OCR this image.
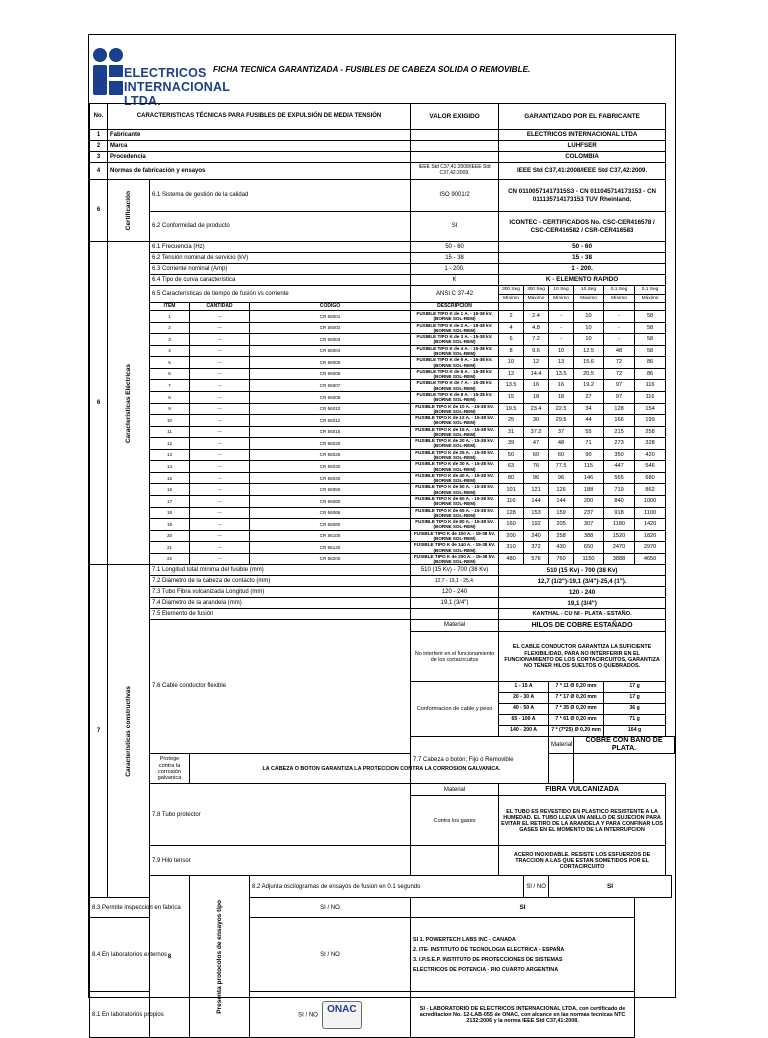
ELECTRICOS
INTERNACIONAL LTDA.
FICHA TECNICA GARANTIZADA - FUSIBLES DE CABEZA SOLIDA O REMOVIBLE.
No.	CARACTERISTICAS TÉCNICAS PARA FUSIBLES DE EXPULSIÓN DE MEDIA TENSIÓN				VALOR EXIGIDO	GARANTIZADO POR EL FABRICANTE					
1	Fabricante					ELECTRICOS INTERNACIONAL LTDA					
2	Marca					LUHFSER					
3	Procedencia					COLOMBIA					
4	Normas de fabricación y ensayos				IEEE Std C37,41:2008/IEEE Std C37,42:2009.	IEEE Std C37,41:2008/IEEE Std C37,42:2009.					
6	Certificación	6.1 Sistema de gestión de la calidad			ISO 9001/2	CN 01100571417315S3 - CN 011045714173153 - CN 011135714173153 TUV Rheinland.					
		6.2 Conformidad de producto			SI	ICONTEC - CERTIFICADOS No. CSC-CER416578 / CSC-CER416582 / CSR-CER416583					
6	Características Eléctricas	6.1 Frecuencia (Hz)			50 - 60	50 - 60					
		6.2 Tensión nominal de servicio (kV)			15 - 38	15 - 38					
		6.3 Corriente nominal (Amp)			1 - 200.	1 - 200.					
		6.4 Tipo de curva característica			K	K - ELEMENTO RAPIDO					
		6.5 Características de tiempo de fusión vs corriente			ANSI C 37-42	300 Seg	300 Seg	10 Seg	10 Seg	0,1 Seg	0,1 Seg
						Mínimo	Máximo	Mínimo	Máximo	Mínimo	Máximo
		ITEM	CANTIDAD	CODIGO	DESCRIPCION						
		1	---	CR 56001	FUSIBLE TIPO K de 1 A. - 15-38 kV. (BORNE SOL-REM)	2	2.4	-	10	-	58
		2	---	CR 56002	FUSIBLE TIPO K de 2 A. - 15-38 kV. (BORNE SOL-REM)	4	4.8	-	10	-	58
		3	---	CR 56003	FUSIBLE TIPO K de 3 A. - 15-38 kV. (BORNE SOL-REM)	6	7.2	-	10	-	58
		4	---	CR 56004	FUSIBLE TIPO K de 4 A. - 15-38 kV. (BORNE SOL-REM)	8	9.6	10	12.5	48	58
		5	---	CR 56005	FUSIBLE TIPO K de 5 A. - 15-38 kV. (BORNE SOL-REM)	10	12	13	15.6	72	86
		6	---	CR 56006	FUSIBLE TIPO K de 6 A. - 15-38 kV. (BORNE SOL-REM)	12	14.4	13.5	20.5	72	86
		7	---	CR 56007	FUSIBLE TIPO K de 7 A. - 15-38 kV. (BORNE SOL-REM)	13.5	16	16	19.2	97	116
		8	---	CR 56008	FUSIBLE TIPO K de 8 A. - 15-38 kV. (BORNE SOL-REM)	15	18	18	27	97	116
		9	---	CR 56010	FUSIBLE TIPO K de 10 A. - 15-38 kV. (BORNE SOL-REM)	19.5	23.4	22.5	34	128	154
		10	---	CR 56012	FUSIBLE TIPO K de 12 A. - 15-38 kV. (BORNE SOL-REM)	25	30	29.5	44	166	199
		11	---	CR 56015	FUSIBLE TIPO K de 15 A. - 15-38 kV. (BORNE SOL-REM)	31	37.2	37	55	215	258
		12	---	CR 56020	FUSIBLE TIPO K de 20 A. - 15-38 kV. (BORNE SOL-REM)	39	47	48	71	273	328
		13	---	CR 56025	FUSIBLE TIPO K de 25 A. - 15-38 kV. (BORNE SOL-REM)	50	60	60	90	350	420
		14	---	CR 56030	FUSIBLE TIPO K de 30 A. - 15-38 kV. (BORNE SOL-REM)	63	76	77.5	115	447	546
		15	---	CR 56040	FUSIBLE TIPO K de 40 A. - 15-38 kV. (BORNE SOL-REM)	80	96	96	146	565	680
		16	---	CR 56050	FUSIBLE TIPO K de 50 A. - 15-38 kV. (BORNE SOL-REM)	101	121	126	188	719	862
		17	---	CR 56060	FUSIBLE TIPO K de 60 A. - 15-38 kV. (BORNE SOL-REM)	116	144	144	200	840	1000
		18	---	CR 56065	FUSIBLE TIPO K de 65 A. - 15-38 kV. (BORNE SOL-REM)	128	153	159	237	918	1100
		19	---	CR 56080	FUSIBLE TIPO K de 80 A. - 15-38 kV. (BORNE SOL-REM)	160	192	205	307	1180	1420
		20	---	CR 56100	FUSIBLE TIPO K de 100 A. - 15-38 kV. (BORNE SOL-REM)	200	240	258	388	1520	1820
		21	---	CR 56140	FUSIBLE TIPO K de 140 A. - 15-38 kV. (BORNE SOL-REM)	310	372	430	650	2470	2970
		22	---	CR 56200	FUSIBLE TIPO K de 200 A. - 15-38 kV. (BORNE SOL-REM)	480	576	760	1150	3888	4650
7	Características constructivas	7.1 Longitud total mínima del fusible (mm)			510 (15 Kv) - 700 (38 Kv)	510 (15 Kv) - 700 (38 Kv)					
		7.2 Diámetro de la cabeza de contacto (mm)			12,7 - 19,1 - 25,4.	12,7 (1/2")-19,1 (3/4")-25,4 (1").					
		7.3 Tubo Fibra vulcanizada Longitud (mm)			120 - 240	120 - 240					
		7.4 Diámetro de la arandela (mm)			19,1 (3/4")	19,1 (3/4")					
		7.5 Elemento de fusión				KANTHAL - CU NI - PLATA - ESTAÑO.					
		7.6 Cable conductor flexible			Material	HILOS DE COBRE ESTAÑADO					
					No interferir en el funcionamiento de los cortacircuitos	EL CABLE CONDUCTOR GARANTIZA LA SUFICIENTE FLEXIBILIDAD, PARA NO INTERFERIR EN EL FUNCIONAMIENTO DE LOS CORTACIRCUITOS, GARANTIZA NO TENER HILOS SUELTOS O QUEBRADOS.					
					Conformacion de cable y peso	1 - 15 A		7 * 11 Ø 0,20 mm		17 g	
						20 - 30 A		7 * 17 Ø 0,20 mm		17 g	
						40 - 50 A		7 * 35 Ø 0,20 mm		36 g	
						65 - 100 A		7 * 61 Ø 0,20 mm		71 g	
						140 - 200 A		7 * (7*25) Ø 0,20 mm		164 g	
					7.7 Cabeza o botón; Fijo ó Removible			Material	COBRE CON BAÑO DE PLATA.		
		Protege contra la corrosión galvanica	LA CABEZA O BOTON GARANTIZA LA PROTECCION CONTRA LA CORROSION GALVANICA.								
		7.8 Tubo protector			Material	FIBRA VULCANIZADA					
					Contra los gases	EL TUBO ES REVESTIDO EN PLASTICO RESISTENTE A LA HUMEDAD. EL TUBO LLEVA UN ANILLO DE SUJECION PARA EVITAR EL RETIRO DE LA ARANDELA Y PARA CONFINAR LOS GASES EN EL MOMENTO DE LA INTERRUPCION					
		7.9 Hilo tensor				ACERO INOXIDABLE. RESISTE LOS ESFUERZOS DE TRACCION A LAS QUE ESTAN SOMETIDOS POR EL CORTACIRCUITO					
		8	Presenta protocolos de ensayos tipo	8.2 Adjunta oscilogramas de ensayos de fusion en 0.1 segundo			SI / NO	SI			
8.3 Permite inspeccion en fabrica				SI / NO	SI						
8.4 En laboratorios externos				SI / NO	SI 1. POWERTECH LABS INC - CANADA
2. ITE- INSTITUTO DE TECNOLOGIA ELECTRICA - ESPAÑA
3. I.P.S.E.P. INSTITUTO DE PROTECCIONES DE SISTEMAS
ELECTRICOS DE POTENCIA - RIO CUARTO ARGENTINA						

8.1 En laboratorios propios				SI / NO
ONAC	SI - LABORATORIO DE ELECTRICOS INTERNACIONAL LTDA, con certificado de acreditacion No. 12-LAB-055 de ONAC, con alcance en las normas tecnicas NTC 2132:2006 y la norma IEEE Std C37,41:2008.						
